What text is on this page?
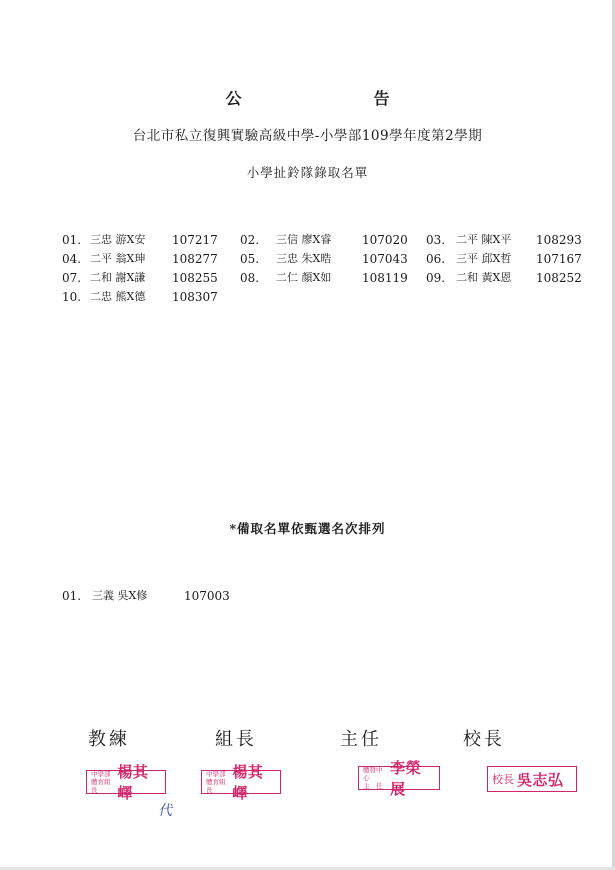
公　告
台北市私立復興實驗高級中學-小學部109學年度第2學期
小學扯鈴隊錄取名單
01. 三忠 游X安	107217 02.	三信 廖X睿	107020 03. 二平 陳X平	108293
04. 二平 翁X珅	108277 05.	三忠 朱X晧	107043 06. 三平 邱X哲	107167
07. 二和 謝X謙	108255 08.	二仁 顏X如	108119 09. 二和 黃X恩	108252
10. 二忠 熊X德	108307
*備取名單依甄選名次排列
01. 三義 吳X修	107003
教練	組長	主任	校長
中學部
體育組長
楊其嶧
代
中學部
體育組長
楊其嶧
體發中心
主　任
李榮展
校長 吳志弘
